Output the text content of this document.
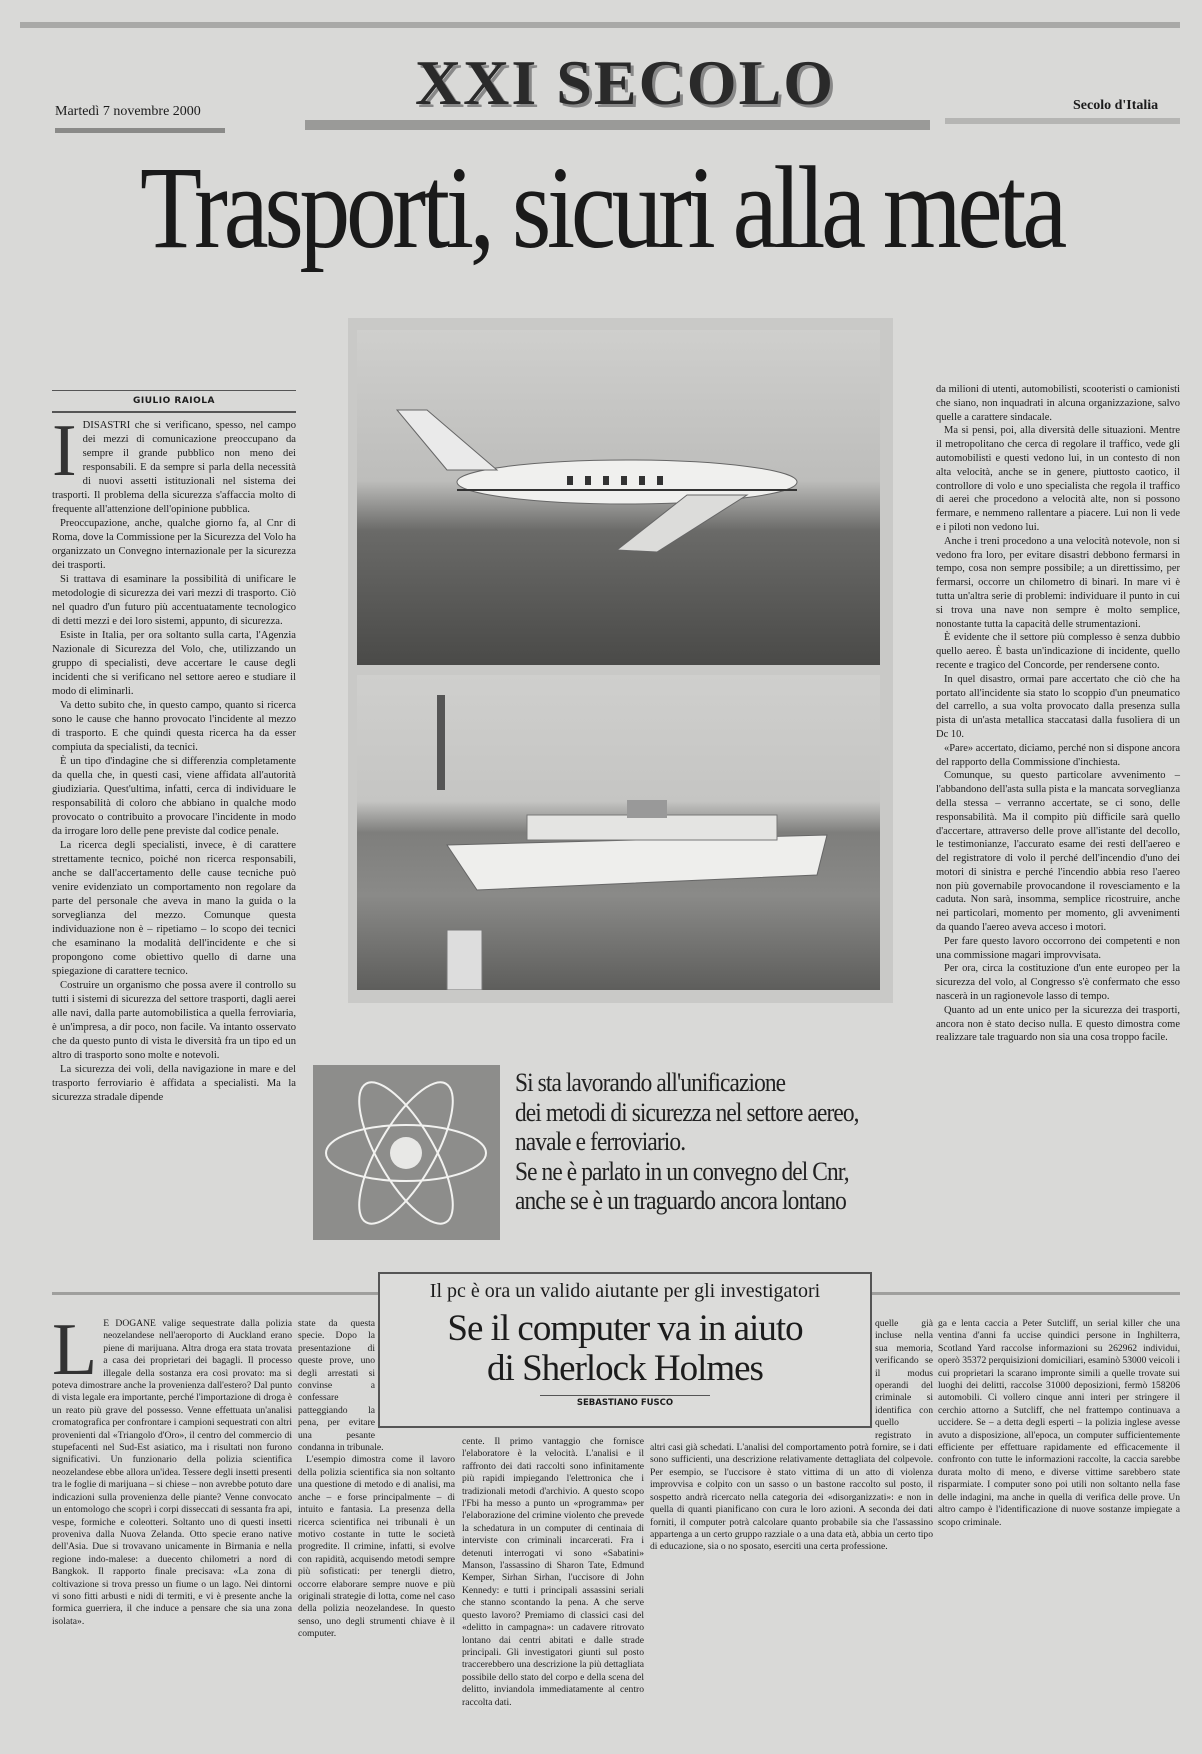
XXI SECOLO
Martedì 7 novembre 2000	Secolo d'Italia
Trasporti, sicuri alla meta
GIULIO RAIOLA
I DISASTRI che si verificano, spesso, nel campo dei mezzi di comunicazione preoccupano da sempre il grande pubblico non meno dei responsabili. E da sempre si parla della necessità di nuovi assetti istituzionali nel sistema dei trasporti. Il problema della sicurezza s'affaccia molto di frequente all'attenzione dell'opinione pubblica.

Preoccupazione, anche, qualche giorno fa, al Cnr di Roma, dove la Commissione per la Sicurezza del Volo ha organizzato un Convegno internazionale per la sicurezza dei trasporti.

Si trattava di esaminare la possibilità di unificare le metodologie di sicurezza dei vari mezzi di trasporto. Ciò nel quadro d'un futuro più accentuatamente tecnologico di detti mezzi e dei loro sistemi, appunto, di sicurezza.

Esiste in Italia, per ora soltanto sulla carta, l'Agenzia Nazionale di Sicurezza del Volo, che, utilizzando un gruppo di specialisti, deve accertare le cause degli incidenti che si verificano nel settore aereo e studiare il modo di eliminarli.

Va detto subito che, in questo campo, quanto si ricerca sono le cause che hanno provocato l'incidente al mezzo di trasporto. E che quindi questa ricerca ha da esser compiuta da specialisti, da tecnici.

È un tipo d'indagine che si differenzia completamente da quella che, in questi casi, viene affidata all'autorità giudiziaria. Quest'ultima, infatti, cerca di individuare le responsabilità di coloro che abbiano in qualche modo provocato o contribuito a provocare l'incidente in modo da irrogare loro delle pene previste dal codice penale.

La ricerca degli specialisti, invece, è di carattere strettamente tecnico, poiché non ricerca responsabili, anche se dall'accertamento delle cause tecniche può venire evidenziato un comportamento non regolare da parte del personale che aveva in mano la guida o la sorveglianza del mezzo. Comunque questa individuazione non è – ripetiamo – lo scopo dei tecnici che esaminano la modalità dell'incidente e che si propongono come obiettivo quello di darne una spiegazione di carattere tecnico.

Costruire un organismo che possa avere il controllo su tutti i sistemi di sicurezza del settore trasporti, dagli aerei alle navi, dalla parte automobilistica a quella ferroviaria, è un'impresa, a dir poco, non facile. Va intanto osservato che da questo punto di vista le diversità fra un tipo ed un altro di trasporto sono molte e notevoli.

La sicurezza dei voli, della navigazione in mare e del trasporto ferroviario è affidata a specialisti. Ma la sicurezza stradale dipende

Si sta lavorando all'unificazione
dei metodi di sicurezza nel settore aereo,
navale e ferroviario.
Se ne è parlato in un convegno del Cnr,
anche se è un traguardo ancora lontano

da milioni di utenti, automobilisti, scooteristi o camionisti che siano, non inquadrati in alcuna organizzazione, salvo quelle a carattere sindacale.

Ma si pensi, poi, alla diversità delle situazioni. Mentre il metropolitano che cerca di regolare il traffico, vede gli automobilisti e questi vedono lui, in un contesto di non alta velocità, anche se in genere, piuttosto caotico, il controllore di volo e uno specialista che regola il traffico di aerei che procedono a velocità alte, non si possono fermare, e nemmeno rallentare a piacere. Lui non li vede e i piloti non vedono lui.

Anche i treni procedono a una velocità notevole, non si vedono fra loro, per evitare disastri debbono fermarsi in tempo, cosa non sempre possibile; a un direttissimo, per fermarsi, occorre un chilometro di binari. In mare vi è tutta un'altra serie di problemi: individuare il punto in cui si trova una nave non sempre è molto semplice, nonostante tutta la capacità delle strumentazioni.

È evidente che il settore più complesso è senza dubbio quello aereo. È basta un'indicazione di incidente, quello recente e tragico del Concorde, per rendersene conto.

In quel disastro, ormai pare accertato che ciò che ha portato all'incidente sia stato lo scoppio d'un pneumatico del carrello, a sua volta provocato dalla presenza sulla pista di un'asta metallica staccatasi dalla fusoliera di un Dc 10.

«Pare» accertato, diciamo, perché non si dispone ancora del rapporto della Commissione d'inchiesta.

Comunque, su questo particolare avvenimento – l'abbandono dell'asta sulla pista e la mancata sorveglianza della stessa – verranno accertate, se ci sono, delle responsabilità. Ma il compito più difficile sarà quello d'accertare, attraverso delle prove all'istante del decollo, le testimonianze, l'accurato esame dei resti dell'aereo e del registratore di volo il perché dell'incendio d'uno dei motori di sinistra e perché l'incendio abbia reso l'aereo non più governabile provocandone il rovesciamento e la caduta. Non sarà, insomma, semplice ricostruire, anche nei particolari, momento per momento, gli avvenimenti da quando l'aereo aveva acceso i motori.

Per fare questo lavoro occorrono dei competenti e non una commissione magari improvvisata.

Per ora, circa la costituzione d'un ente europeo per la sicurezza del volo, al Congresso s'è confermato che esso nascerà in un ragionevole lasso di tempo.

Quanto ad un ente unico per la sicurezza dei trasporti, ancora non è stato deciso nulla. E questo dimostra come realizzare tale traguardo non sia una cosa troppo facile.

Il pc è ora un valido aiutante per gli investigatori
Se il computer va in aiuto
di Sherlock Holmes
SEBASTIANO FUSCO
L E DOGANE valige sequestrate dalla polizia neozelandese nell'aeroporto di Auckland erano piene di marijuana. Altra droga era stata trovata a casa dei proprietari dei bagagli. Il processo illegale della sostanza era così provato: ma si poteva dimostrare anche la provenienza dall'estero? Dal punto di vista legale era importante, perché l'importazione di droga è un reato più grave del possesso. Venne effettuata un'analisi cromatografica per confrontare i campioni sequestrati con altri provenienti dal «Triangolo d'Oro», il centro del commercio di stupefacenti nel Sud-Est asiatico, ma i risultati non furono significativi. Un funzionario della polizia scientifica neozelandese ebbe allora un'idea. Tessere degli insetti presenti tra le foglie di marijuana – si chiese – non avrebbe potuto dare indicazioni sulla provenienza delle piante? Venne convocato un entomologo che scoprì i corpi disseccati di sessanta fra api, vespe, formiche e coleotteri. Soltanto uno di questi insetti proveniva dalla Nuova Zelanda. Otto specie erano native dell'Asia. Due si trovavano unicamente in Birmania e nella regione indo-malese: a duecento chilometri a nord di Bangkok. Il rapporto finale precisava: «La zona di coltivazione si trova presso un fiume o un lago. Nei dintorni vi sono fitti arbusti e nidi di termiti, e vi è presente anche la formica guerriera, il che induce a pensare che sia una zona isolata».

state da questa specie. Dopo la presentazione di queste prove, uno degli arrestati si convinse a confessare patteggiando la pena, per evitare una pesante condanna in tribunale.

L'esempio dimostra come il lavoro della polizia scientifica sia non soltanto una questione di metodo e di analisi, ma anche – e forse principalmente – di intuito e fantasia. La presenza della ricerca scientifica nei tribunali è un motivo costante in tutte le società progredite. Il crimine, infatti, si evolve con rapidità, acquisendo metodi sempre più sofisticati: per tenergli dietro, occorre elaborare sempre nuove e più originali strategie di lotta, come nel caso della polizia neozelandese. In questo senso, uno degli strumenti chiave è il computer.

cente. Il primo vantaggio che fornisce l'elaboratore è la velocità. L'analisi e il raffronto dei dati raccolti sono infinitamente più rapidi impiegando l'elettronica che i tradizionali metodi d'archivio. A questo scopo l'Fbi ha messo a punto un «programma» per l'elaborazione del crimine violento che prevede la schedatura in un computer di centinaia di interviste con criminali incarcerati. Fra i detenuti interrogati vi sono «Sabatini» Manson, l'assassino di Sharon Tate, Edmund Kemper, Sirhan Sirhan, l'uccisore di John Kennedy: e tutti i principali assassini seriali che stanno scontando la pena. A che serve questo lavoro? Premiamo di classici casi del «delitto in campagna»: un cadavere ritrovato lontano dai centri abitati e dalle strade principali. Gli investigatori giunti sul posto traccerebbero una descrizione la più dettagliata possibile dello stato del corpo e della scena del delitto, inviandola immediatamente al centro raccolta dati.

quelle già incluse nella sua memoria, verificando se il modus operandi del criminale si identifica con quello registrato in altri casi già schedati. L'analisi del comportamento potrà fornire, se i dati sono sufficienti, una descrizione relativamente dettagliata del colpevole. Per esempio, se l'uccisore è stato vittima di un atto di violenza improvvisa e colpito con un sasso o un bastone raccolto sul posto, il sospetto andrà ricercato nella categoria dei «disorganizzati»: e non in quella di quanti pianificano con cura le loro azioni. A seconda dei dati forniti, il computer potrà calcolare quanto probabile sia che l'assassino appartenga a un certo gruppo razziale o a una data età, abbia un certo tipo di educazione, sia o no sposato, eserciti una certa professione.

ga e lenta caccia a Peter Sutcliff, un serial killer che una ventina d'anni fa uccise quindici persone in Inghilterra, Scotland Yard raccolse informazioni su 262962 individui, operò 35372 perquisizioni domiciliari, esaminò 53000 veicoli i cui proprietari la scarano impronte simili a quelle trovate sui luoghi dei delitti, raccolse 31000 deposizioni, fermò 158206 automobili. Ci vollero cinque anni interi per stringere il cerchio attorno a Sutcliff, che nel frattempo continuava a uccidere. Se – a detta degli esperti – la polizia inglese avesse avuto a disposizione, all'epoca, un computer sufficientemente efficiente per effettuare rapidamente ed efficacemente il confronto con tutte le informazioni raccolte, la caccia sarebbe durata molto di meno, e diverse vittime sarebbero state risparmiate. I computer sono poi utili non soltanto nella fase delle indagini, ma anche in quella di verifica delle prove. Un altro campo è l'identificazione di nuove sostanze impiegate a scopo criminale.
